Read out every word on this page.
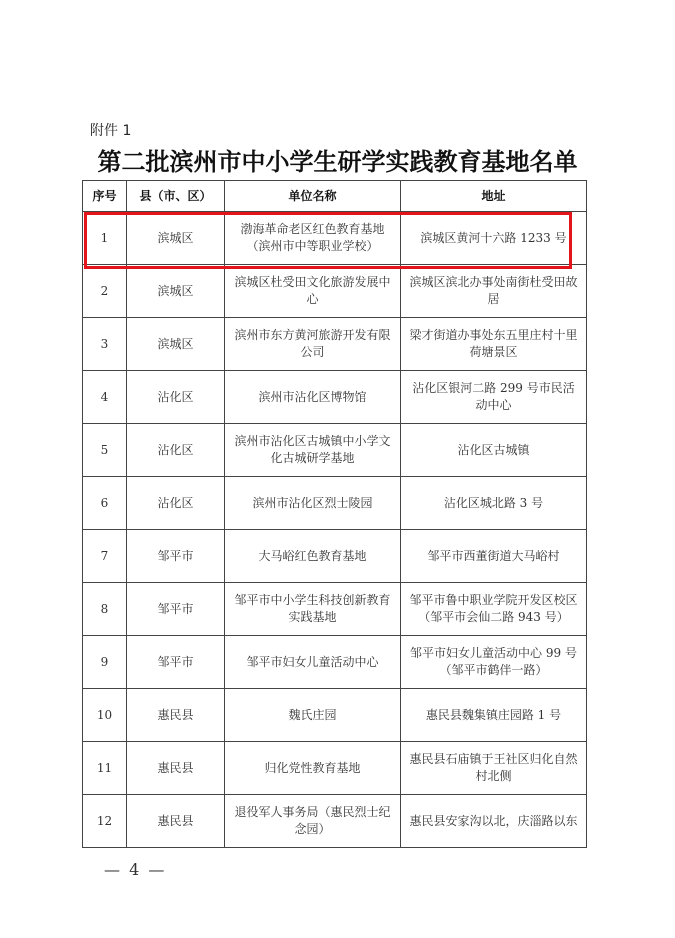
附件 1
第二批滨州市中小学生研学实践教育基地名单
序号	县（市、区）	单位名称	地址
1	滨城区	渤海革命老区红色教育基地（滨州市中等职业学校）	滨城区黄河十六路 1233 号
2	滨城区	滨城区杜受田文化旅游发展中心	滨城区滨北办事处南街杜受田故居
3	滨城区	滨州市东方黄河旅游开发有限公司	梁才街道办事处东五里庄村十里荷塘景区
4	沾化区	滨州市沾化区博物馆	沾化区银河二路 299 号市民活动中心
5	沾化区	滨州市沾化区古城镇中小学文化古城研学基地	沾化区古城镇
6	沾化区	滨州市沾化区烈士陵园	沾化区城北路 3 号
7	邹平市	大马峪红色教育基地	邹平市西董街道大马峪村
8	邹平市	邹平市中小学生科技创新教育实践基地	邹平市鲁中职业学院开发区校区（邹平市会仙二路 943 号）
9	邹平市	邹平市妇女儿童活动中心	邹平市妇女儿童活动中心 99 号（邹平市鹤伴一路）
10	惠民县	魏氏庄园	惠民县魏集镇庄园路 1 号
11	惠民县	归化党性教育基地	惠民县石庙镇于王社区归化自然村北侧
12	惠民县	退役军人事务局（惠民烈士纪念园）	惠民县安家沟以北，庆淄路以东
— 4 —
